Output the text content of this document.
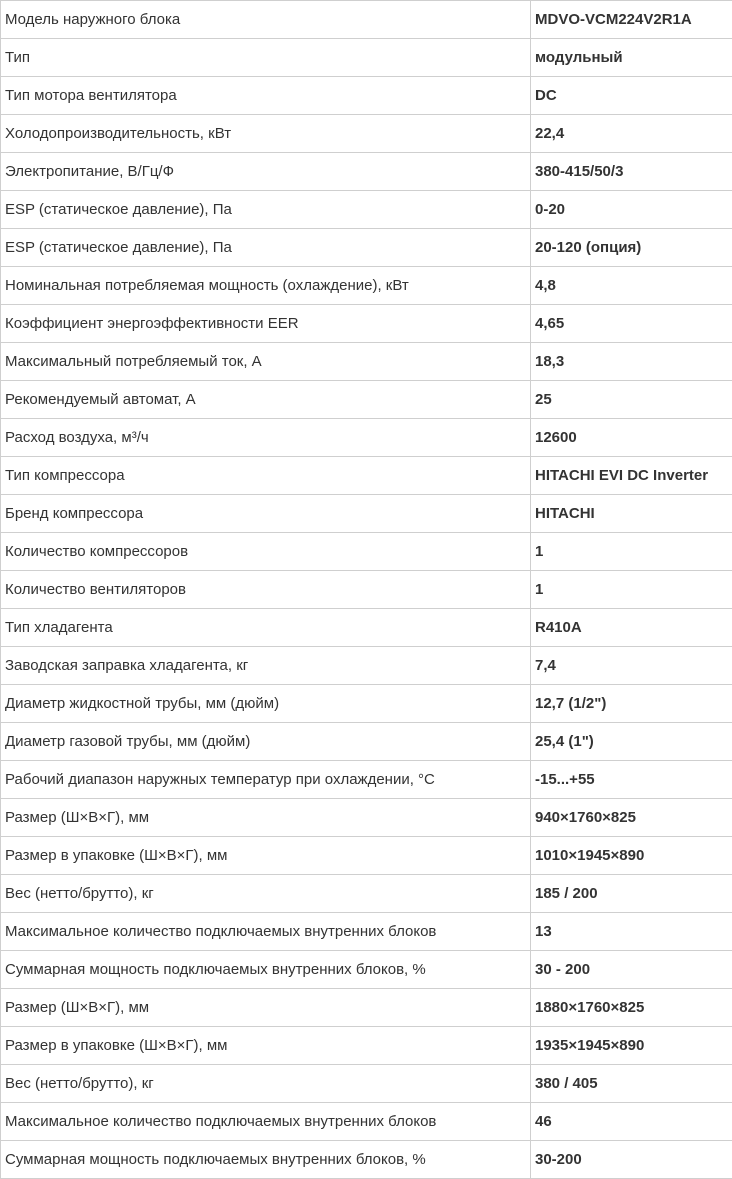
Модель наружного блока	MDVO-VCM224V2R1A
Тип	модульный
Тип мотора вентилятора	DC
Холодопроизводительность, кВт	22,4
Электропитание, В/Гц/Ф	380-415/50/3
ESP (статическое давление), Па	0-20
ESP (статическое давление), Па	20-120 (опция)
Номинальная потребляемая мощность (охлаждение), кВт	4,8
Коэффициент энергоэффективности EER	4,65
Максимальный потребляемый ток, А	18,3
Рекомендуемый автомат, А	25
Расход воздуха, м³/ч	12600
Тип компрессора	HITACHI EVI DC Inverter
Бренд компрессора	HITACHI
Количество компрессоров	1
Количество вентиляторов	1
Тип хладагента	R410A
Заводская заправка хладагента, кг	7,4
Диаметр жидкостной трубы, мм (дюйм)	12,7 (1/2")
Диаметр газовой трубы, мм (дюйм)	25,4 (1")
Рабочий диапазон наружных температур при охлаждении, °С	-15...+55
Размер (Ш×В×Г), мм	940×1760×825
Размер в упаковке (Ш×В×Г), мм	1010×1945×890
Вес (нетто/брутто), кг	185 / 200
Максимальное количество подключаемых внутренних блоков	13
Суммарная мощность подключаемых внутренних блоков, %	30 - 200
Размер (Ш×В×Г), мм	1880×1760×825
Размер в упаковке (Ш×В×Г), мм	1935×1945×890
Вес (нетто/брутто), кг	380 / 405
Максимальное количество подключаемых внутренних блоков	46
Суммарная мощность подключаемых внутренних блоков, %	30-200
